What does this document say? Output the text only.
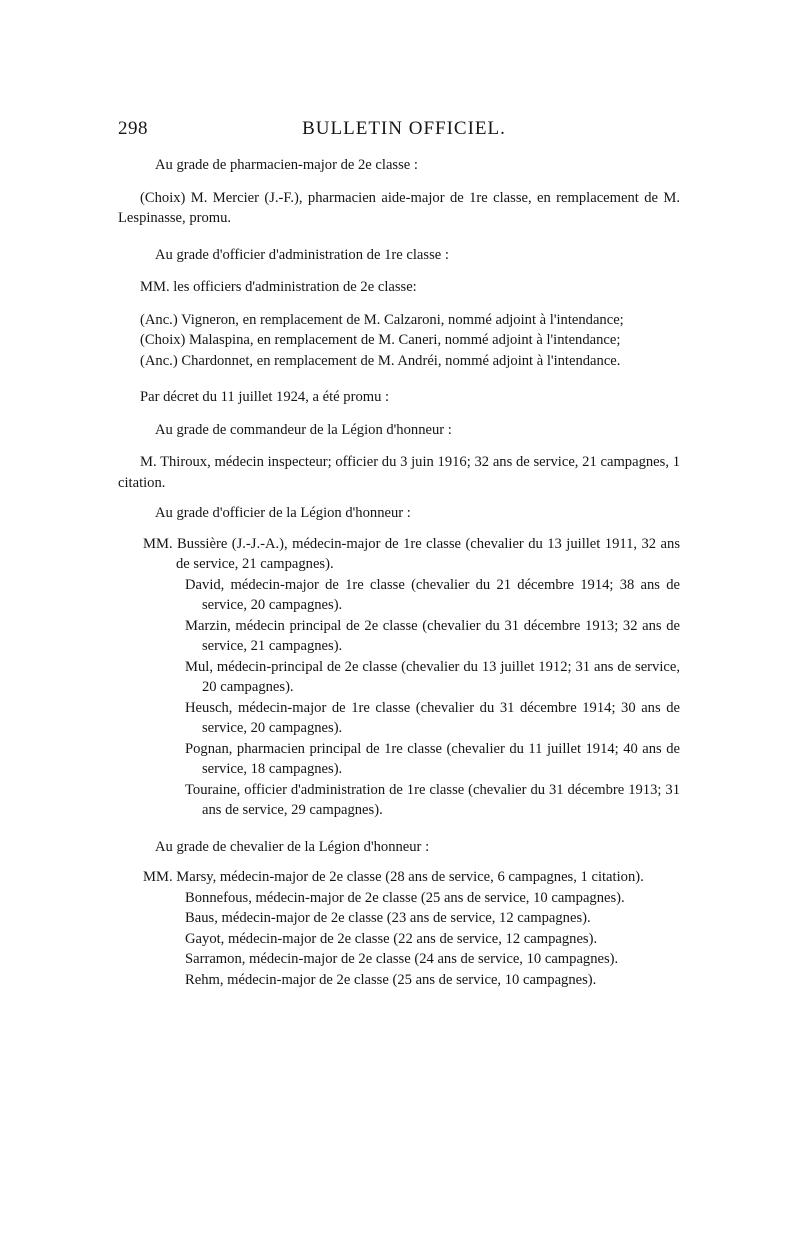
298	BULLETIN OFFICIEL.

Au grade de pharmacien-major de 2e classe :

(Choix) M. Mercier (J.-F.), pharmacien aide-major de 1re classe, en remplacement de M. Lespinasse, promu.

Au grade d'officier d'administration de 1re classe :

MM. les officiers d'administration de 2e classe:

(Anc.) Vigneron, en remplacement de M. Calzaroni, nommé adjoint à l'intendance;

(Choix) Malaspina, en remplacement de M. Caneri, nommé adjoint à l'intendance;

(Anc.) Chardonnet, en remplacement de M. Andréi, nommé adjoint à l'intendance.

Par décret du 11 juillet 1924, a été promu :

Au grade de commandeur de la Légion d'honneur :

M. Thiroux, médecin inspecteur; officier du 3 juin 1916; 32 ans de service, 21 campagnes, 1 citation.

Au grade d'officier de la Légion d'honneur :

MM. Bussière (J.-J.-A.), médecin-major de 1re classe (chevalier du 13 juillet 1911, 32 ans de service, 21 campagnes).

David, médecin-major de 1re classe (chevalier du 21 décembre 1914; 38 ans de service, 20 campagnes).

Marzin, médecin principal de 2e classe (chevalier du 31 décembre 1913; 32 ans de service, 21 campagnes).

Mul, médecin-principal de 2e classe (chevalier du 13 juillet 1912; 31 ans de service, 20 campagnes).

Heusch, médecin-major de 1re classe (chevalier du 31 décembre 1914; 30 ans de service, 20 campagnes).

Pognan, pharmacien principal de 1re classe (chevalier du 11 juillet 1914; 40 ans de service, 18 campagnes).

Touraine, officier d'administration de 1re classe (chevalier du 31 décembre 1913; 31 ans de service, 29 campagnes).

Au grade de chevalier de la Légion d'honneur :

MM. Marsy, médecin-major de 2e classe (28 ans de service, 6 campagnes, 1 citation).

Bonnefous, médecin-major de 2e classe (25 ans de service, 10 campagnes).

Baus, médecin-major de 2e classe (23 ans de service, 12 campagnes).

Gayot, médecin-major de 2e classe (22 ans de service, 12 campagnes).

Sarramon, médecin-major de 2e classe (24 ans de service, 10 campagnes).

Rehm, médecin-major de 2e classe (25 ans de service, 10 campagnes).
